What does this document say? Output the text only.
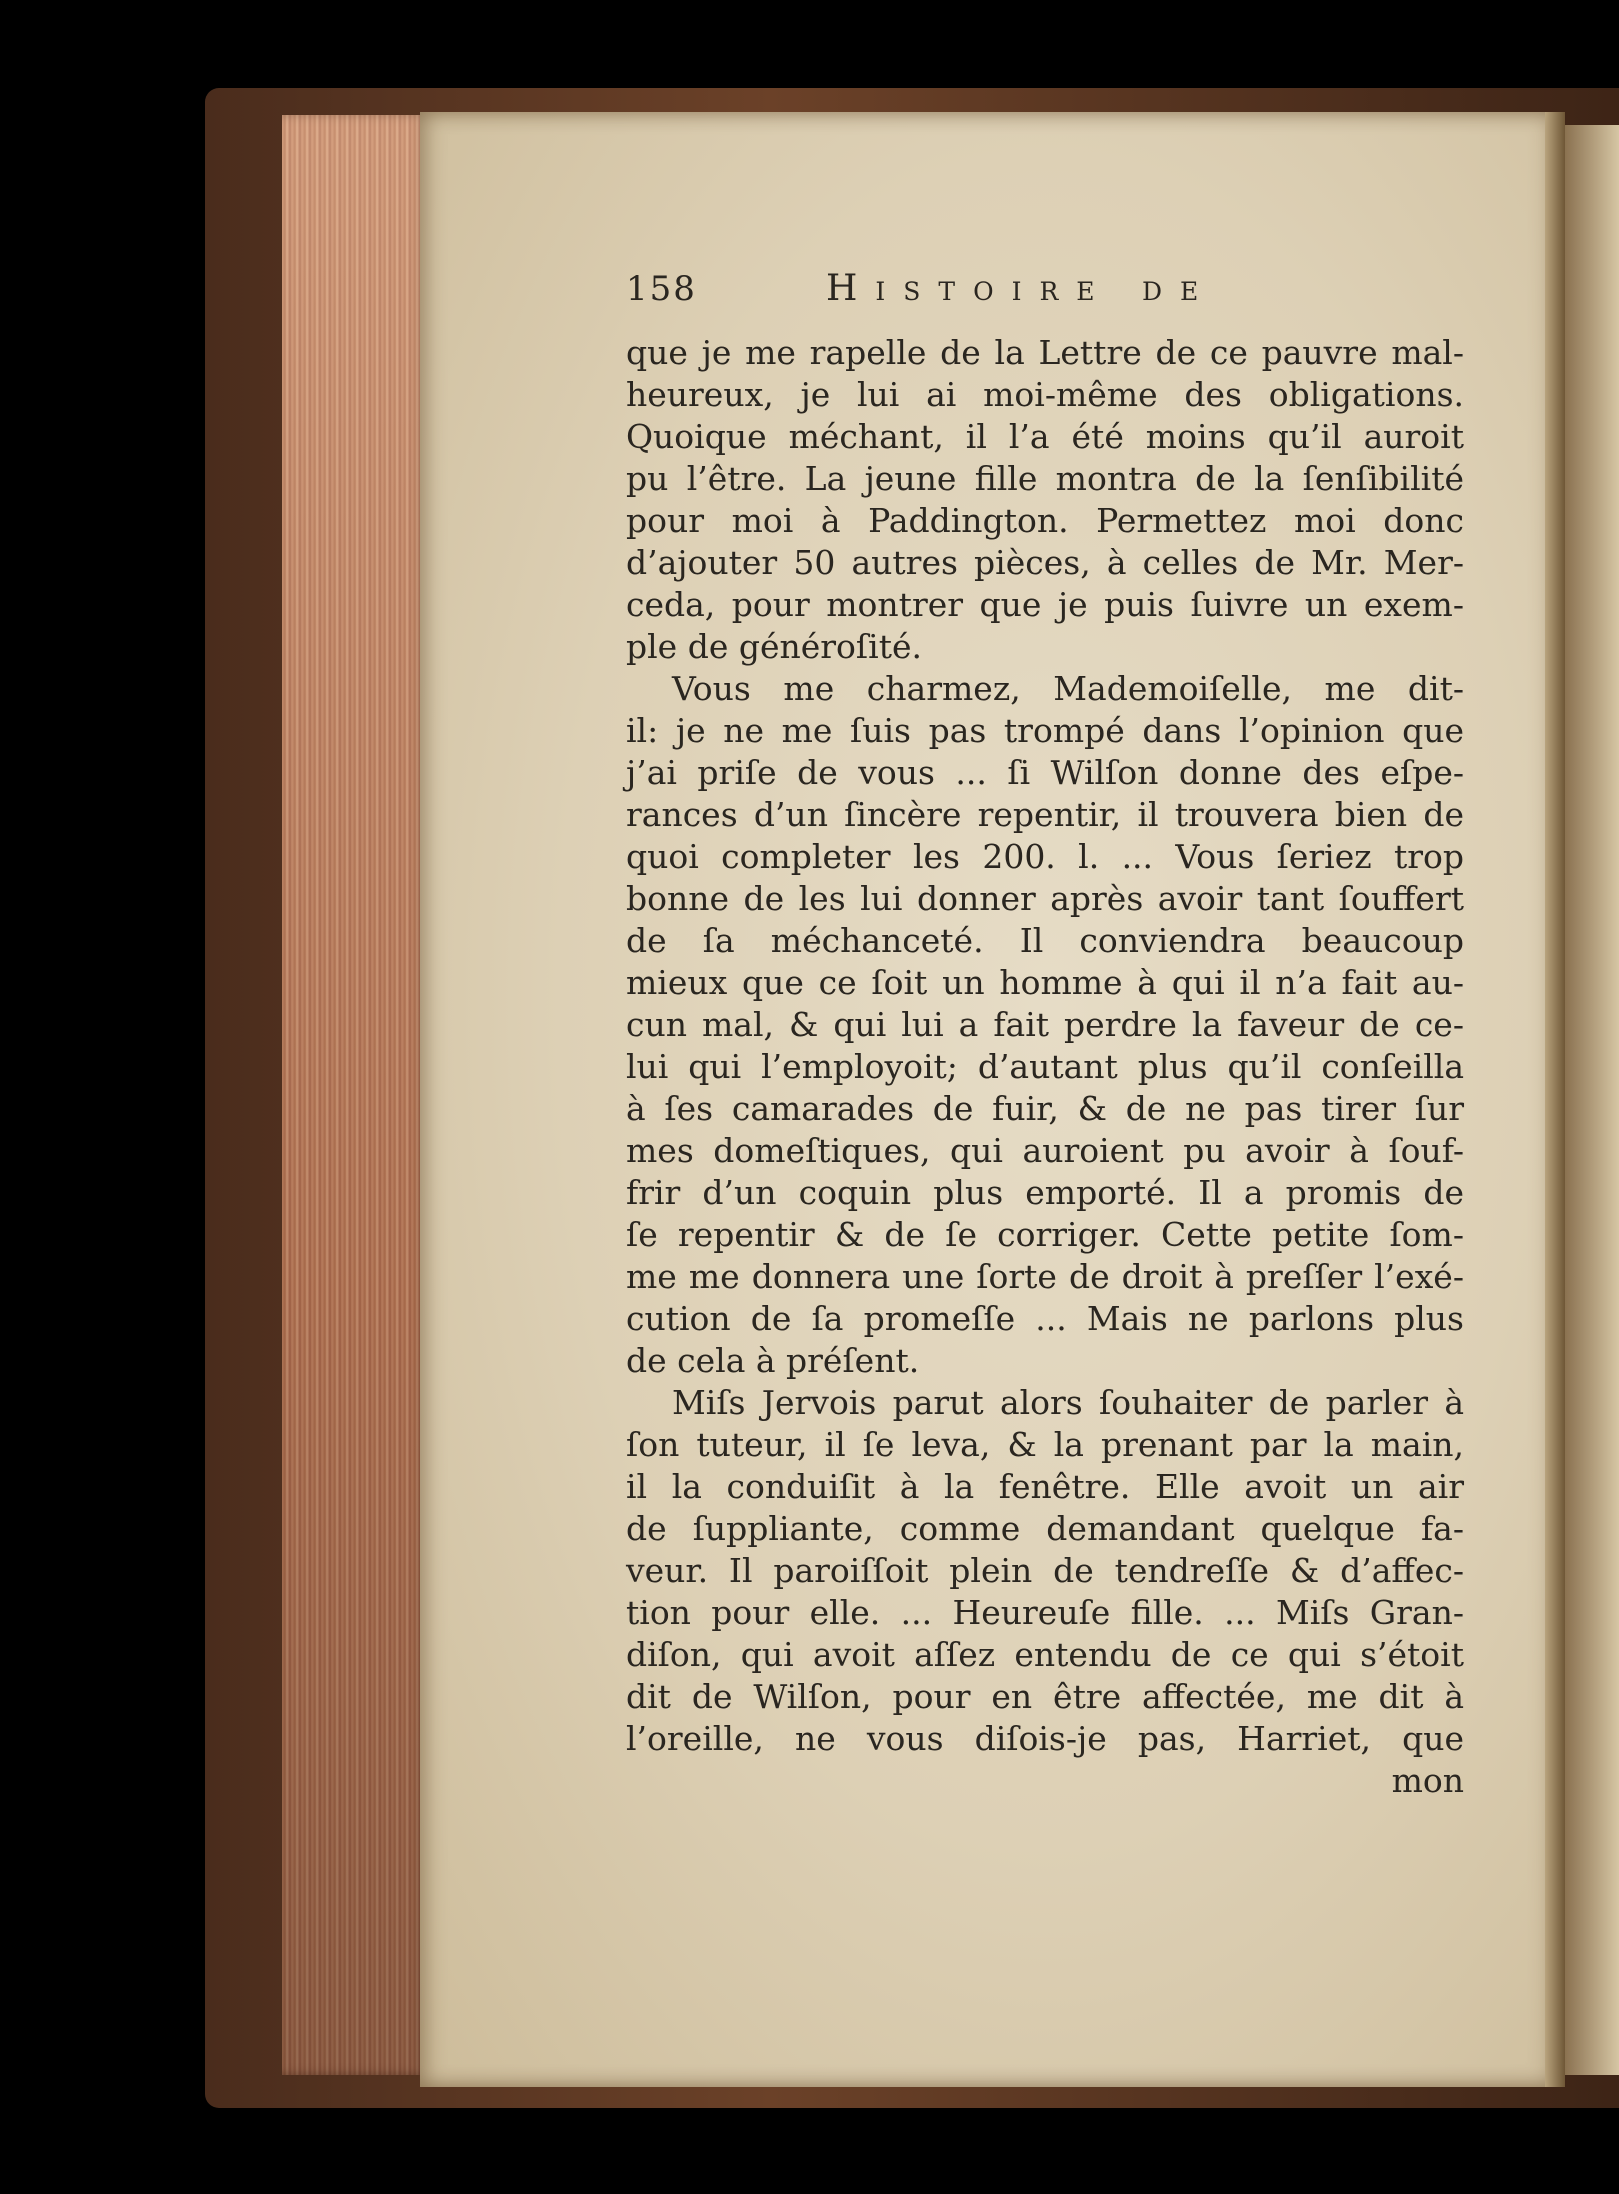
158	Histoire de
que je me rapelle de la Lettre de ce pauvre mal-
heureux, je lui ai moi-même des obligations.
Quoique méchant, il l’a été moins qu’il auroit
pu l’être. La jeune fille montra de la ſenſibilité
pour moi à Paddington. Permettez moi donc
d’ajouter 50 autres pièces, à celles de Mr. Mer-
ceda, pour montrer que je puis ſuivre un exem-
ple de généroſité.
Vous me charmez, Mademoiſelle, me dit-
il: je ne me ſuis pas trompé dans l’opinion que
j’ai priſe de vous ... ſi Wilſon donne des eſpe-
rances d’un ſincère repentir, il trouvera bien de
quoi completer les 200. l. ... Vous ſeriez trop
bonne de les lui donner après avoir tant ſouffert
de ſa méchanceté. Il conviendra beaucoup
mieux que ce ſoit un homme à qui il n’a fait au-
cun mal, & qui lui a fait perdre la faveur de ce-
lui qui l’employoit; d’autant plus qu’il conſeilla
à ſes camarades de fuir, & de ne pas tirer ſur
mes domeſtiques, qui auroient pu avoir à ſouf-
frir d’un coquin plus emporté. Il a promis de
ſe repentir & de ſe corriger. Cette petite ſom-
me me donnera une ſorte de droit à preſſer l’exé-
cution de ſa promeſſe ... Mais ne parlons plus
de cela à préſent.
Miſs Jervois parut alors ſouhaiter de parler à
ſon tuteur, il ſe leva, & la prenant par la main,
il la conduiſit à la fenêtre. Elle avoit un air
de ſuppliante, comme demandant quelque fa-
veur. Il paroiſſoit plein de tendreſſe & d’affec-
tion pour elle. ... Heureuſe fille. ... Miſs Gran-
diſon, qui avoit aſſez entendu de ce qui s’étoit
dit de Wilſon, pour en être affectée, me dit à
l’oreille, ne vous diſois-je pas, Harriet, que
mon
